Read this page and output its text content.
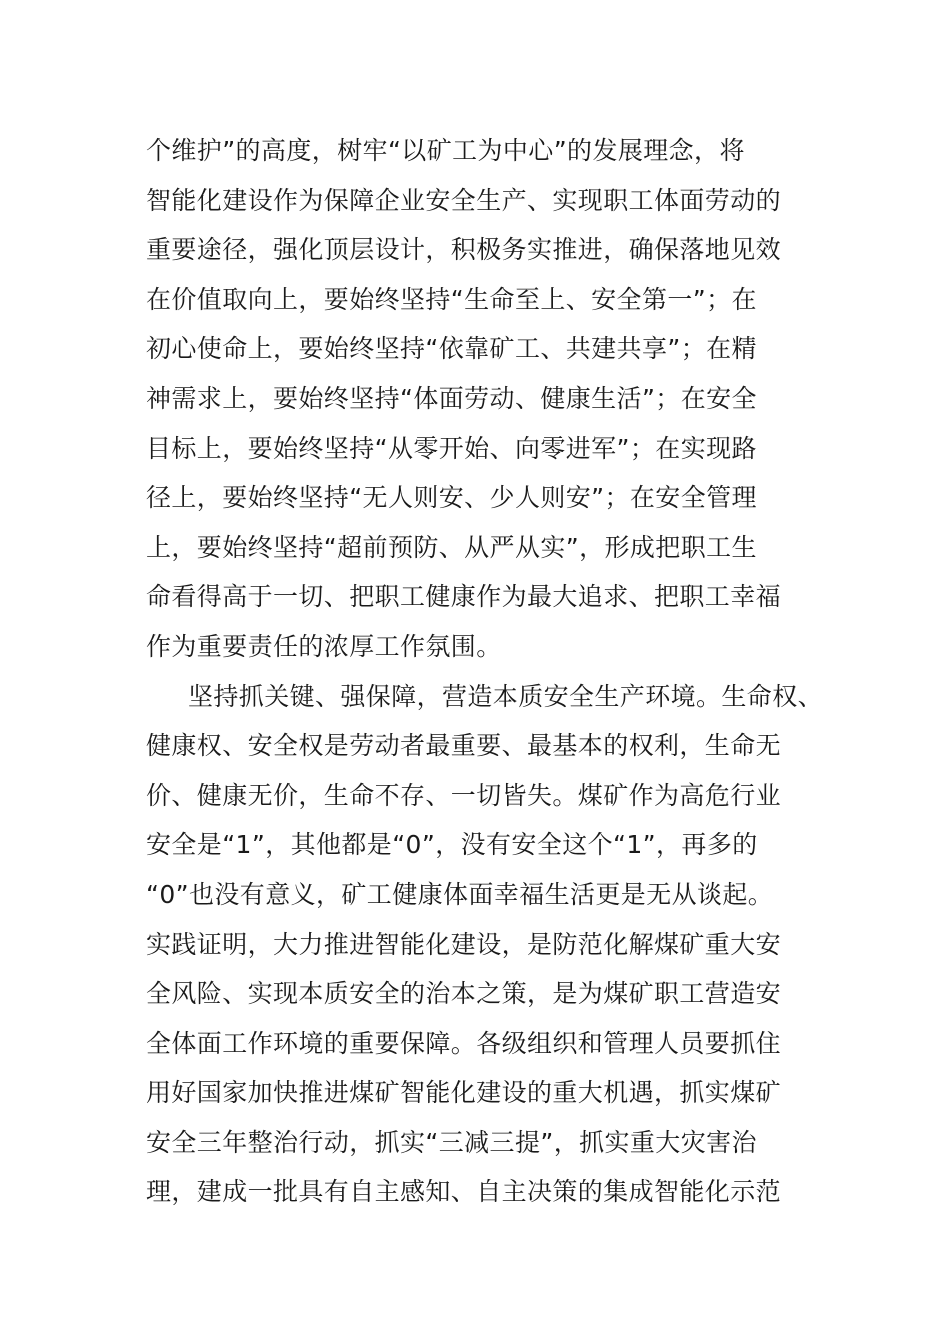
个维护”的高度，树牢“以矿工为中心”的发展理念，将
智能化建设作为保障企业安全生产、实现职工体面劳动的
重要途径，强化顶层设计，积极务实推进，确保落地见效
在价值取向上，要始终坚持“生命至上、安全第一”；在
初心使命上，要始终坚持“依靠矿工、共建共享”；在精
神需求上，要始终坚持“体面劳动、健康生活”；在安全
目标上，要始终坚持“从零开始、向零进军”；在实现路
径上，要始终坚持“无人则安、少人则安”；在安全管理
上，要始终坚持“超前预防、从严从实”，形成把职工生
命看得高于一切、把职工健康作为最大追求、把职工幸福
作为重要责任的浓厚工作氛围。
坚持抓关键、强保障，营造本质安全生产环境。生命权、
健康权、安全权是劳动者最重要、最基本的权利，生命无
价、健康无价，生命不存、一切皆失。煤矿作为高危行业
安全是“1”，其他都是“0”，没有安全这个“1”，再多的
“0”也没有意义，矿工健康体面幸福生活更是无从谈起。
实践证明，大力推进智能化建设，是防范化解煤矿重大安
全风险、实现本质安全的治本之策，是为煤矿职工营造安
全体面工作环境的重要保障。各级组织和管理人员要抓住
用好国家加快推进煤矿智能化建设的重大机遇，抓实煤矿
安全三年整治行动，抓实“三减三提”，抓实重大灾害治
理，建成一批具有自主感知、自主决策的集成智能化示范
